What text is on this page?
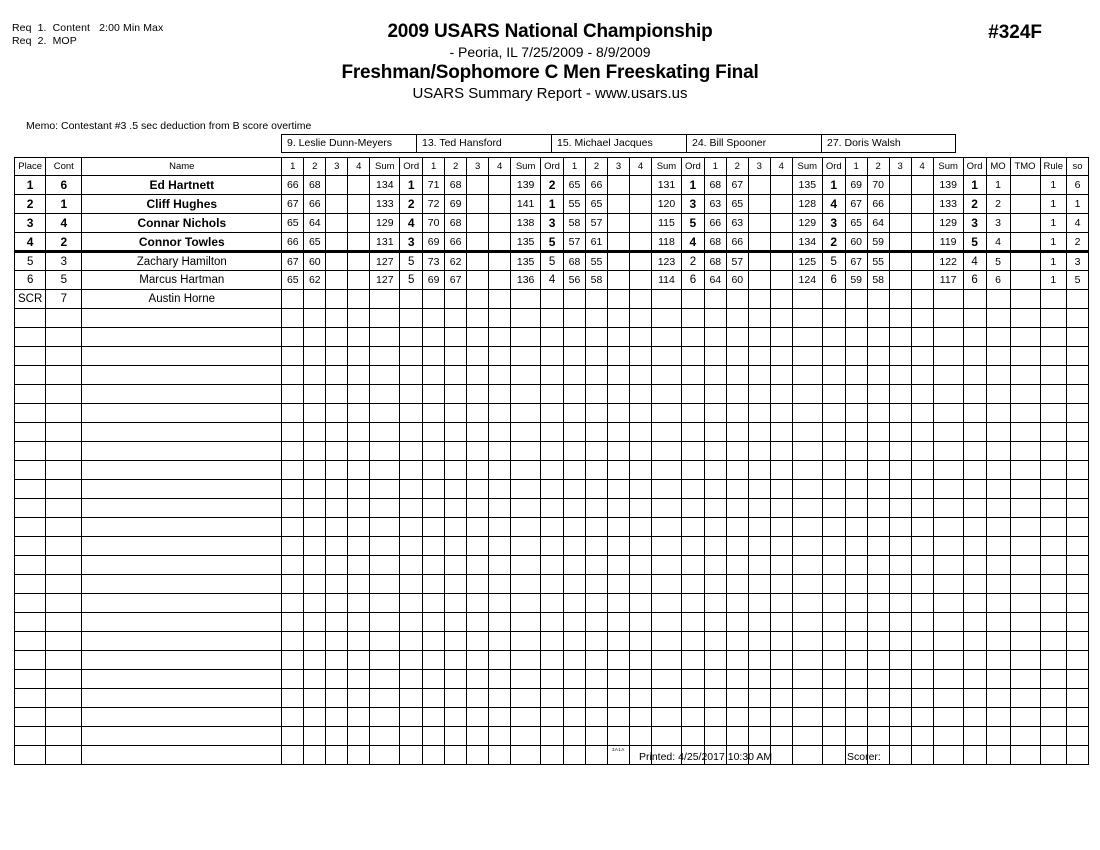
Req  1.  Content   2:00 Min Max
Req  2.  MOP	2009 USARS National Championship
- Peoria, IL 7/25/2009 - 8/9/2009
Freshman/Sophomore C Men Freeskating Final
USARS Summary Report - www.usars.us
#324F
Memo: Contestant #3 .5 sec deduction from B score overtime
9. Leslie Dunn-Meyers	13. Ted Hansford	15. Michael Jacques	24. Bill Spooner	27. Doris Walsh
Place	Cont	Name	1	2	3	4	Sum	Ord	1	2	3	4	Sum	Ord	1	2	3	4	Sum	Ord	1	2	3	4	Sum	Ord	1	2	3	4	Sum	Ord	MO	TMO	Rule	so
1	6	Ed Hartnett	66	68			134	1	71	68			139	2	65	66			131	1	68	67			135	1	69	70			139	1	1		1	6
2	1	Cliff Hughes	67	66			133	2	72	69			141	1	55	65			120	3	63	65			128	4	67	66			133	2	2		1	1
3	4	Connar Nichols	65	64			129	4	70	68			138	3	58	57			115	5	66	63			129	3	65	64			129	3	3		1	4
4	2	Connor Towles	66	65			131	3	69	66			135	5	57	61			118	4	68	66			134	2	60	59			119	5	4		1	2
5	3	Zachary Hamilton	67	60			127	5	73	62			135	5	68	55			123	2	68	57			125	5	67	55			122	4	5		1	3
6	5	Marcus Hartman	65	62			127	5	69	67			136	4	56	58			114	6	64	60			124	6	59	58			117	6	6		1	5
SCR	7	Austin Horne																																		

3A1A
Printed: 4/25/2017 10:30 AM	Scorer:
